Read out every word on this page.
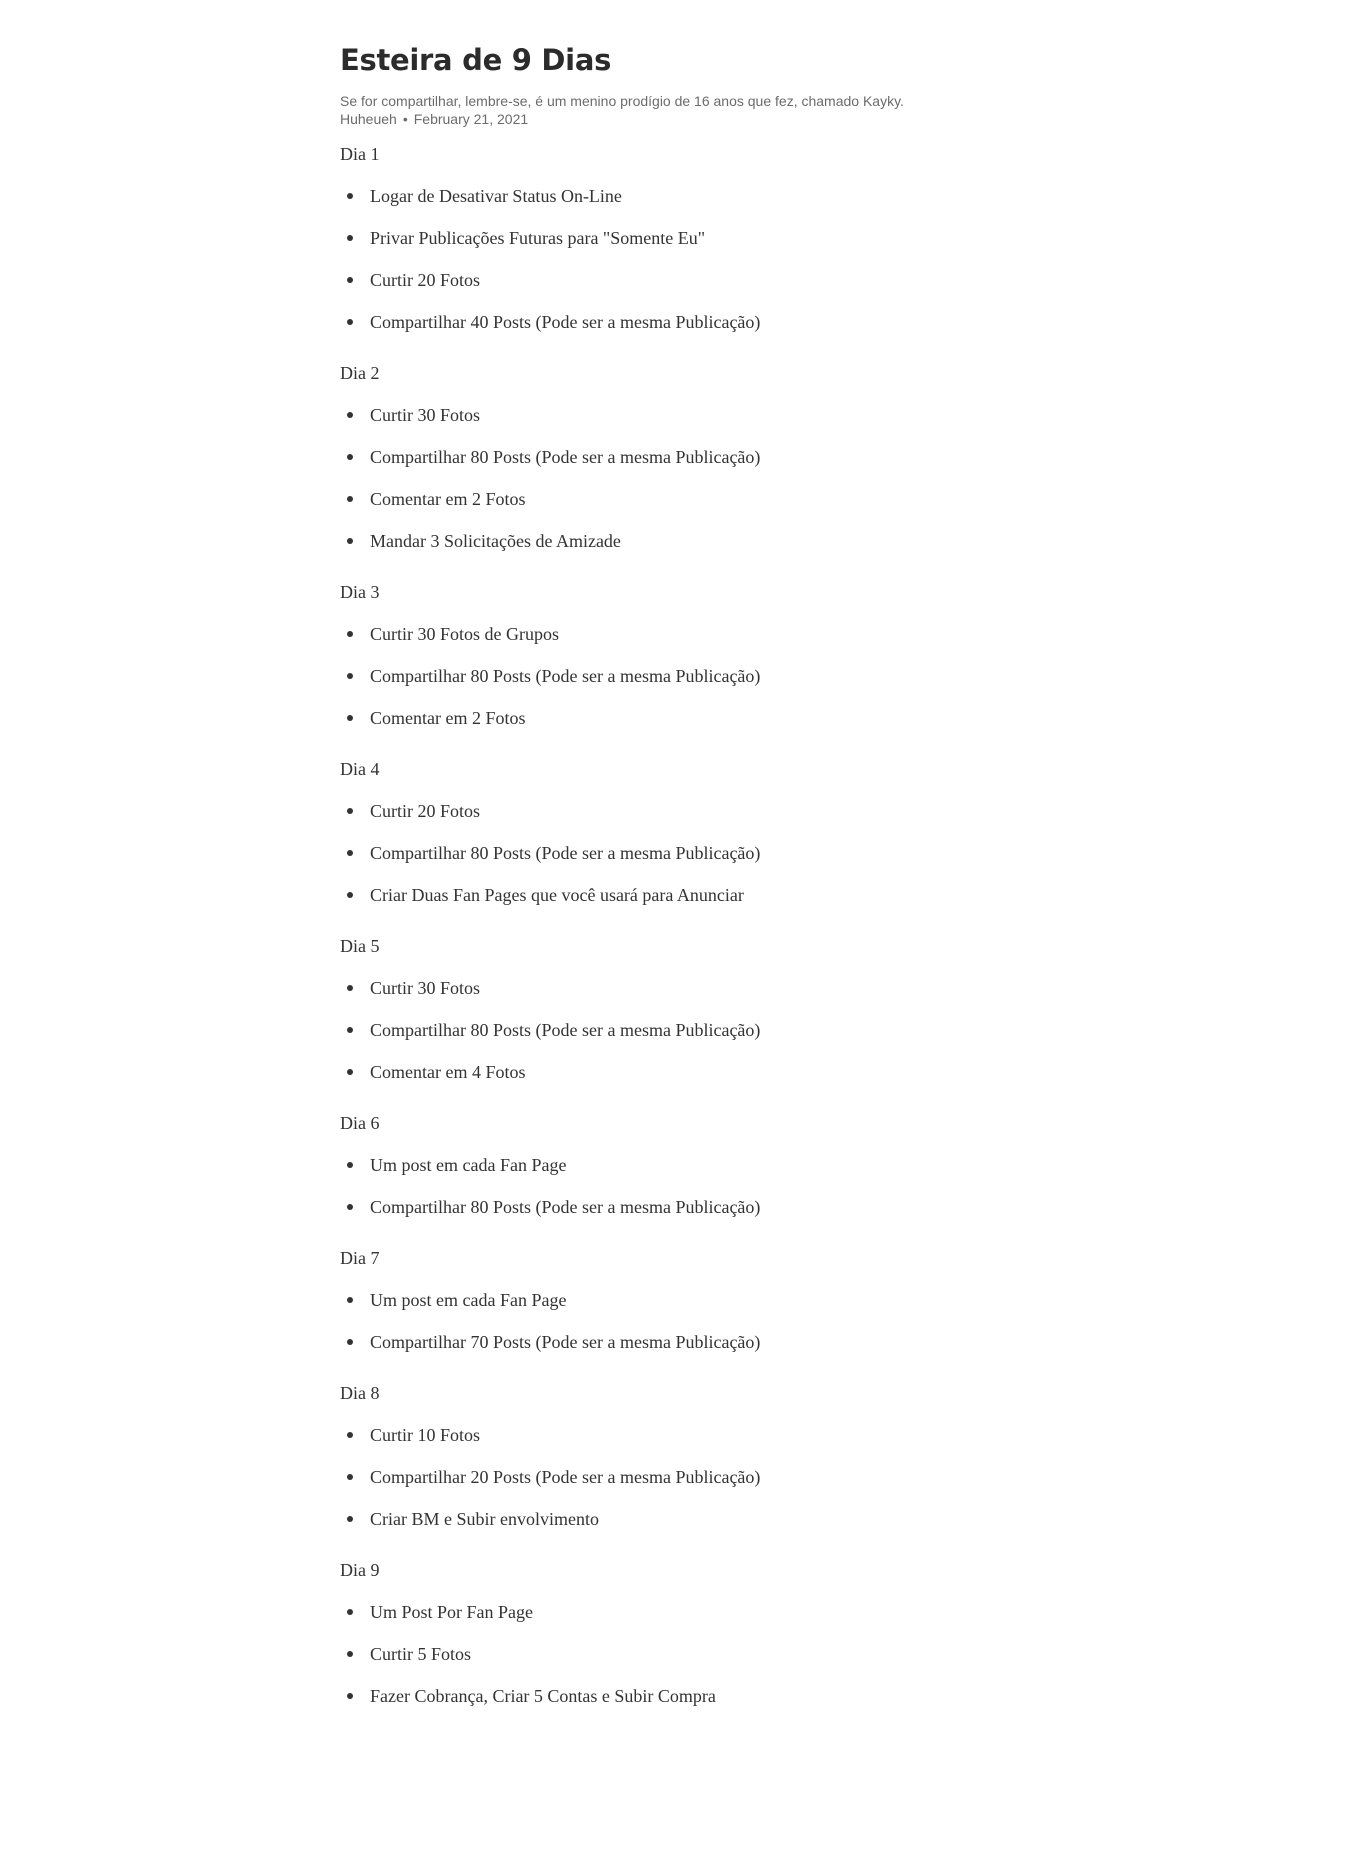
Esteira de 9 Dias
Se for compartilhar, lembre-se, é um menino prodígio de 16 anos que fez, chamado Kayky. Huheueh • February 21, 2021

Dia 1

Logar de Desativar Status On-Line
Privar Publicações Futuras para "Somente Eu"
Curtir 20 Fotos
Compartilhar 40 Posts (Pode ser a mesma Publicação)

Dia 2

Curtir 30 Fotos
Compartilhar 80 Posts (Pode ser a mesma Publicação)
Comentar em 2 Fotos
Mandar 3 Solicitações de Amizade

Dia 3

Curtir 30 Fotos de Grupos
Compartilhar 80 Posts (Pode ser a mesma Publicação)
Comentar em 2 Fotos

Dia 4

Curtir 20 Fotos
Compartilhar 80 Posts (Pode ser a mesma Publicação)
Criar Duas Fan Pages que você usará para Anunciar

Dia 5

Curtir 30 Fotos
Compartilhar 80 Posts (Pode ser a mesma Publicação)
Comentar em 4 Fotos

Dia 6

Um post em cada Fan Page
Compartilhar 80 Posts (Pode ser a mesma Publicação)

Dia 7

Um post em cada Fan Page
Compartilhar 70 Posts (Pode ser a mesma Publicação)

Dia 8

Curtir 10 Fotos
Compartilhar 20 Posts (Pode ser a mesma Publicação)
Criar BM e Subir envolvimento

Dia 9

Um Post Por Fan Page
Curtir 5 Fotos
Fazer Cobrança, Criar 5 Contas e Subir Compra
